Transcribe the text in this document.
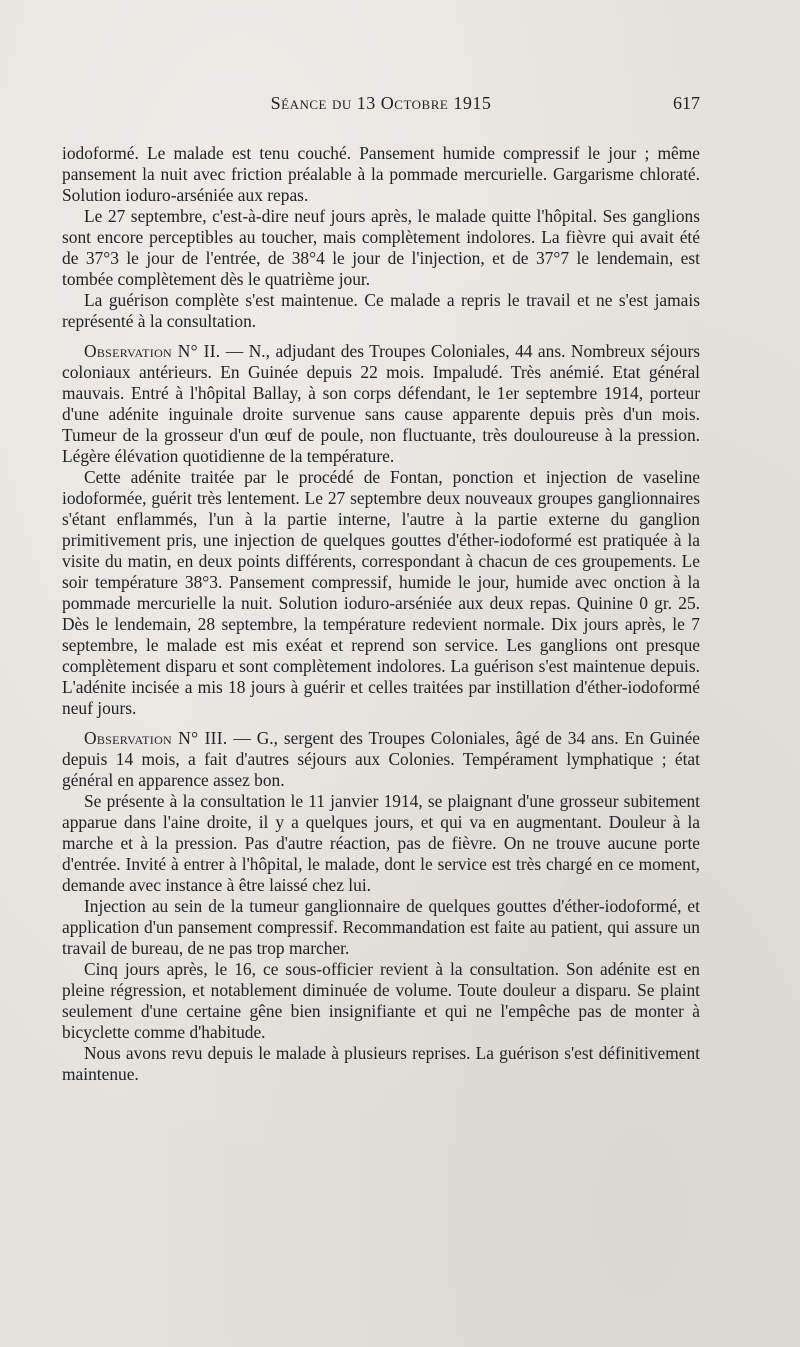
Séance du 13 Octobre 1915	617

iodoformé. Le malade est tenu couché. Pansement humide compressif le jour ; même pansement la nuit avec friction préalable à la pommade mercurielle. Gargarisme chloraté. Solution ioduro-arséniée aux repas.

Le 27 septembre, c'est-à-dire neuf jours après, le malade quitte l'hôpital. Ses ganglions sont encore perceptibles au toucher, mais complètement indolores. La fièvre qui avait été de 37°3 le jour de l'entrée, de 38°4 le jour de l'injection, et de 37°7 le lendemain, est tombée complètement dès le quatrième jour.

La guérison complète s'est maintenue. Ce malade a repris le travail et ne s'est jamais représenté à la consultation.

Observation N° II. — N., adjudant des Troupes Coloniales, 44 ans. Nombreux séjours coloniaux antérieurs. En Guinée depuis 22 mois. Impaludé. Très anémié. Etat général mauvais. Entré à l'hôpital Ballay, à son corps défendant, le 1er septembre 1914, porteur d'une adénite inguinale droite survenue sans cause apparente depuis près d'un mois. Tumeur de la grosseur d'un œuf de poule, non fluctuante, très douloureuse à la pression. Légère élévation quotidienne de la température.

Cette adénite traitée par le procédé de Fontan, ponction et injection de vaseline iodoformée, guérit très lentement. Le 27 septembre deux nouveaux groupes ganglionnaires s'étant enflammés, l'un à la partie interne, l'autre à la partie externe du ganglion primitivement pris, une injection de quelques gouttes d'éther-iodoformé est pratiquée à la visite du matin, en deux points différents, correspondant à chacun de ces groupements. Le soir température 38°3. Pansement compressif, humide le jour, humide avec onction à la pommade mercurielle la nuit. Solution ioduro-arséniée aux deux repas. Quinine 0 gr. 25. Dès le lendemain, 28 septembre, la température redevient normale. Dix jours après, le 7 septembre, le malade est mis exéat et reprend son service. Les ganglions ont presque complètement disparu et sont complètement indolores. La guérison s'est maintenue depuis. L'adénite incisée a mis 18 jours à guérir et celles traitées par instillation d'éther-iodoformé neuf jours.

Observation N° III. — G., sergent des Troupes Coloniales, âgé de 34 ans. En Guinée depuis 14 mois, a fait d'autres séjours aux Colonies. Tempérament lymphatique ; état général en apparence assez bon.

Se présente à la consultation le 11 janvier 1914, se plaignant d'une grosseur subitement apparue dans l'aine droite, il y a quelques jours, et qui va en augmentant. Douleur à la marche et à la pression. Pas d'autre réaction, pas de fièvre. On ne trouve aucune porte d'entrée. Invité à entrer à l'hôpital, le malade, dont le service est très chargé en ce moment, demande avec instance à être laissé chez lui.

Injection au sein de la tumeur ganglionnaire de quelques gouttes d'éther-iodoformé, et application d'un pansement compressif. Recommandation est faite au patient, qui assure un travail de bureau, de ne pas trop marcher.

Cinq jours après, le 16, ce sous-officier revient à la consultation. Son adénite est en pleine régression, et notablement diminuée de volume. Toute douleur a disparu. Se plaint seulement d'une certaine gêne bien insignifiante et qui ne l'empêche pas de monter à bicyclette comme d'habitude.

Nous avons revu depuis le malade à plusieurs reprises. La guérison s'est définitivement maintenue.
